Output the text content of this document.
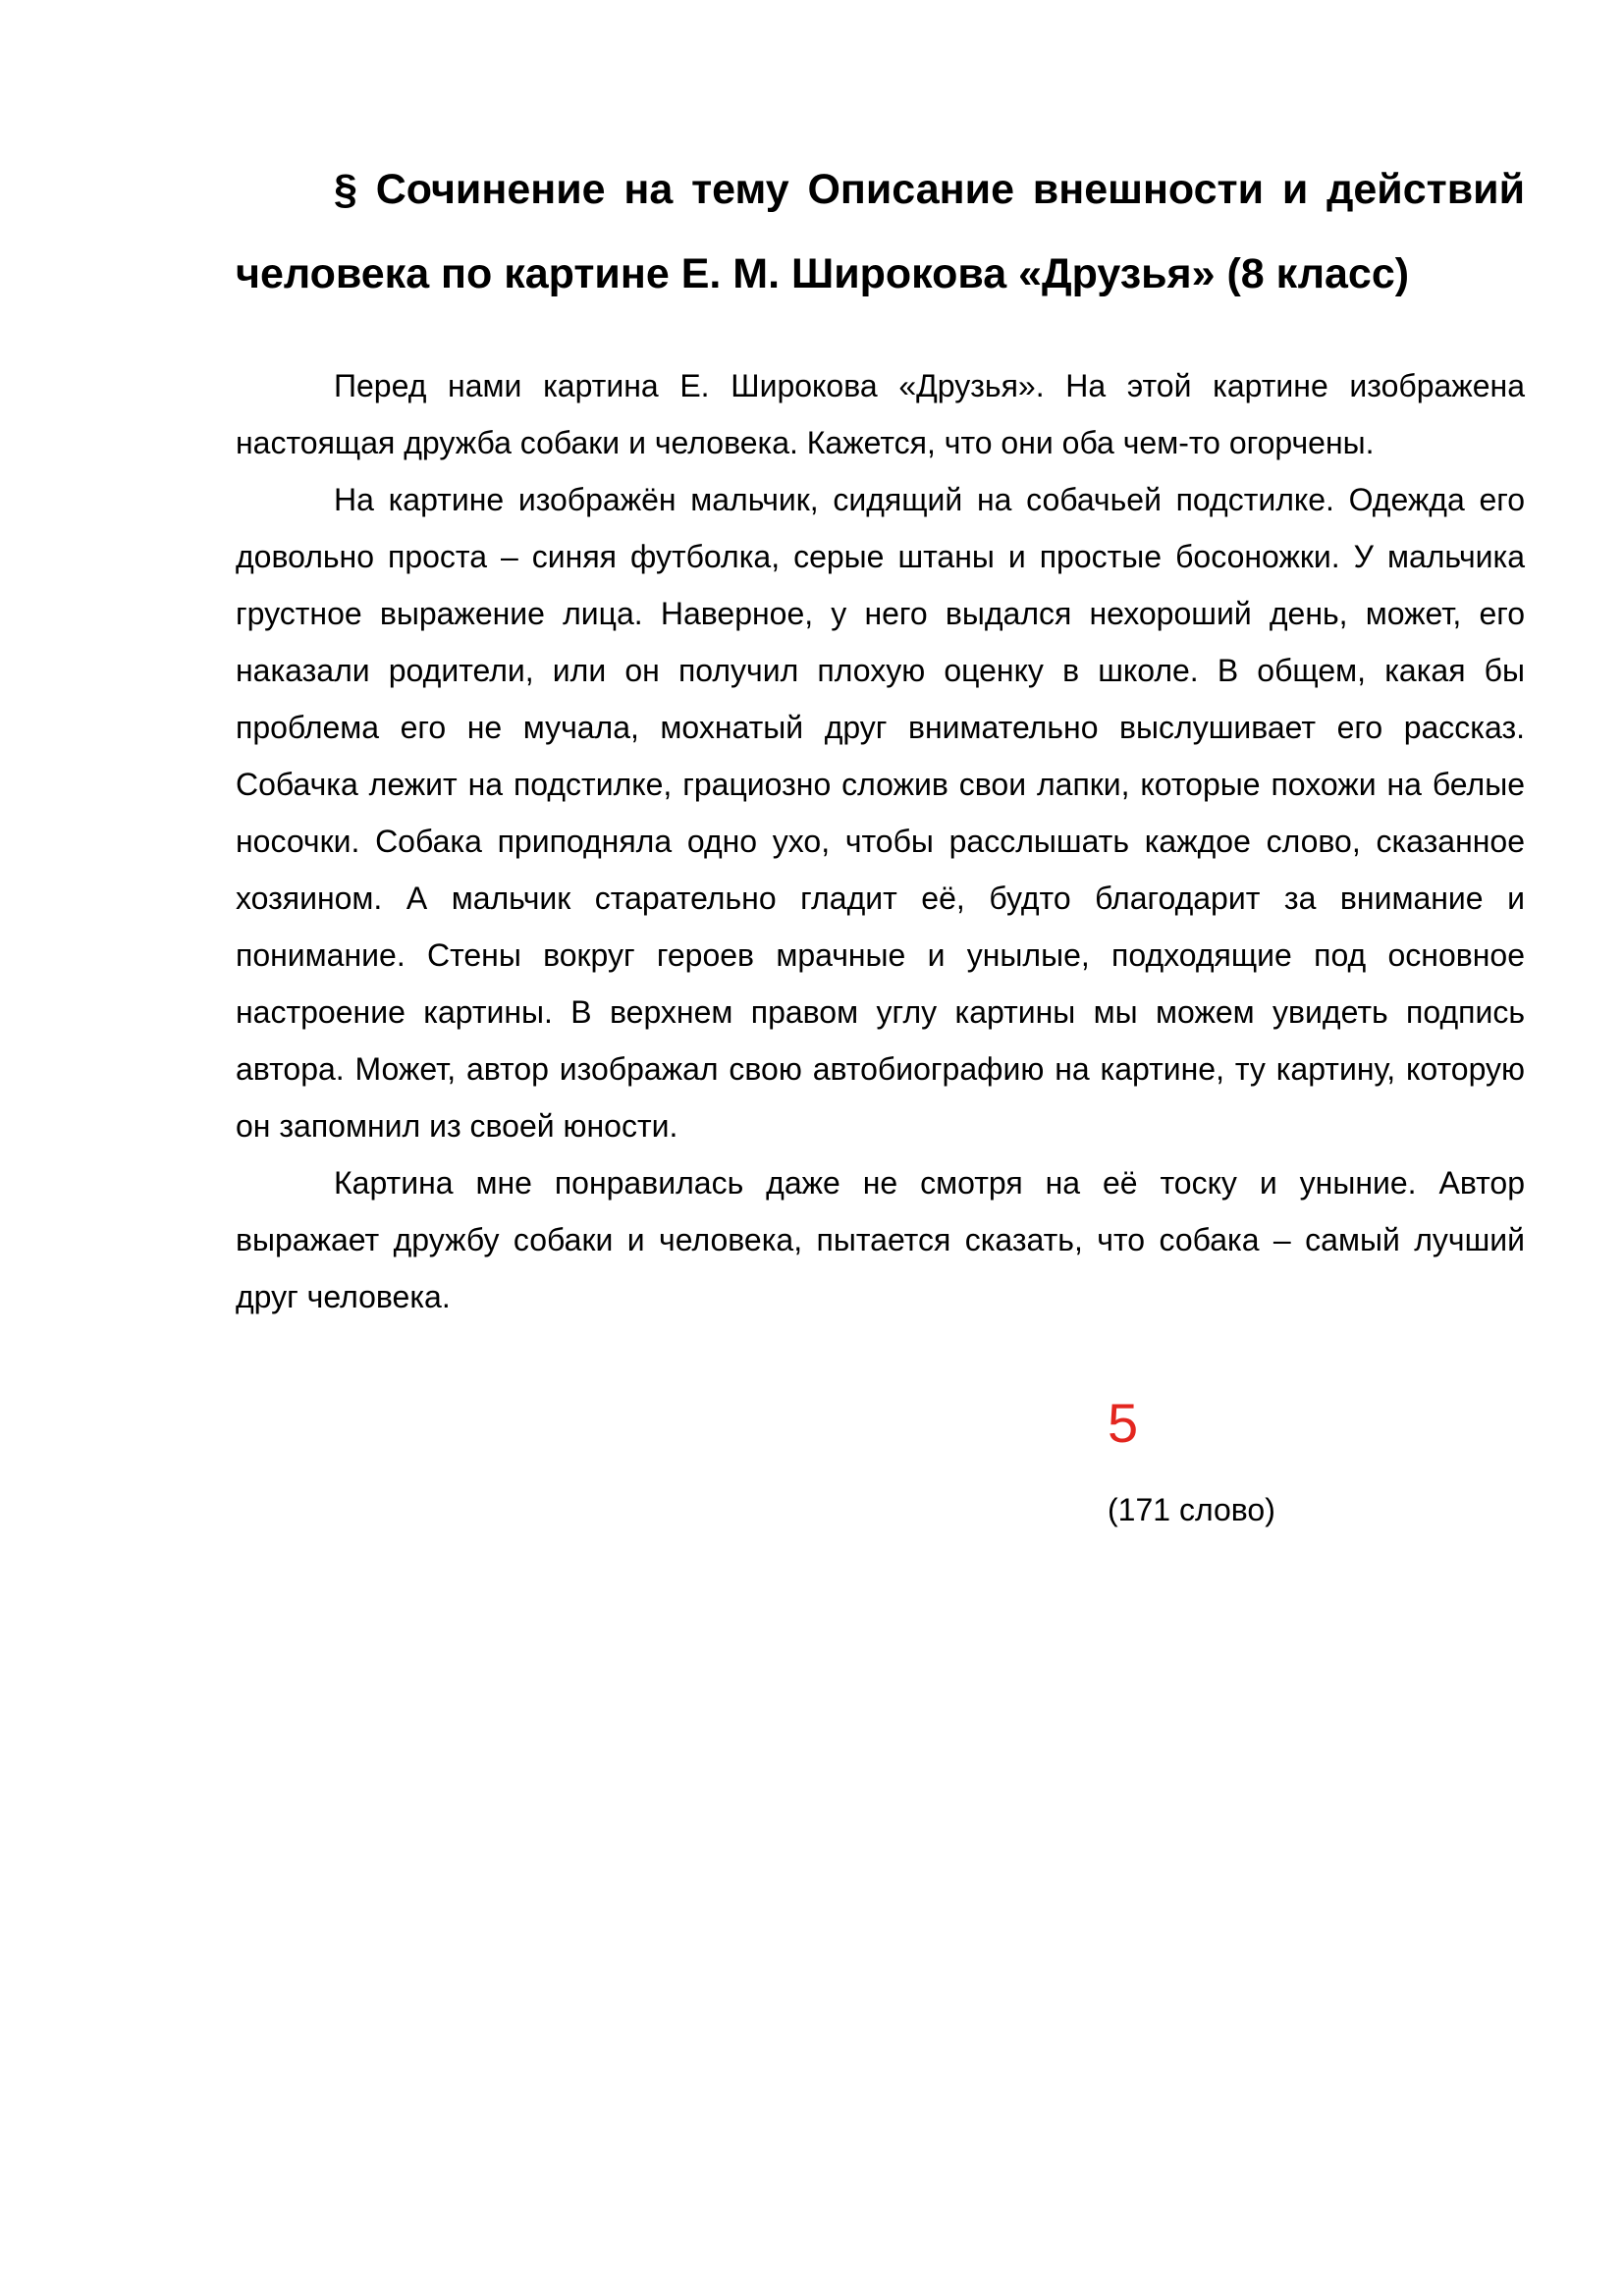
§ Сочинение на тему Описание внешности и действий человека по картине Е. М. Широкова «Друзья» (8 класс)

Перед нами картина Е. Широкова «Друзья». На этой картине изображена настоящая дружба собаки и человека. Кажется, что они оба чем-то огорчены.

На картине изображён мальчик, сидящий на собачьей подстилке. Одежда его довольно проста – синяя футболка, серые штаны и простые босоножки. У мальчика грустное выражение лица. Наверное, у него выдался нехороший день, может, его наказали родители, или он получил плохую оценку в школе. В общем, какая бы проблема его не мучала, мохнатый друг внимательно выслушивает его рассказ. Собачка лежит на подстилке, грациозно сложив свои лапки, которые похожи на белые носочки. Собака приподняла одно ухо, чтобы расслышать каждое слово, сказанное хозяином. А мальчик старательно гладит её, будто благодарит за внимание и понимание. Стены вокруг героев мрачные и унылые, подходящие под основное настроение картины. В верхнем правом углу картины мы можем увидеть подпись автора. Может, автор изображал свою автобиографию на картине, ту картину, которую он запомнил из своей юности.

Картина мне понравилась даже не смотря на её тоску и уныние. Автор выражает дружбу собаки и человека, пытается сказать, что собака – самый лучший друг человека.

5
(171 слово)
